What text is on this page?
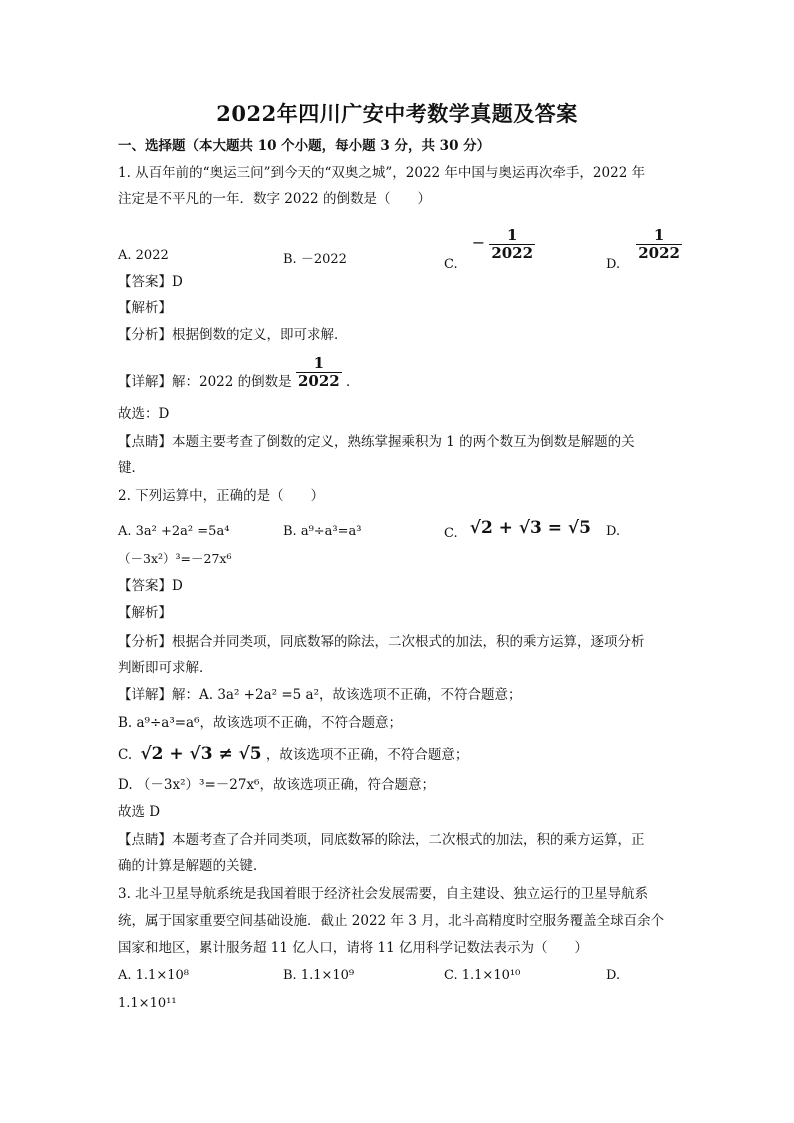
2022年四川广安中考数学真题及答案
一、选择题（本大题共 10 个小题，每小题 3 分，共 30 分）
1. 从百年前的“奥运三问”到今天的“双奥之城”，2022 年中国与奥运再次牵手，2022 年
注定是不平凡的一年．数字 2022 的倒数是（　　）
A. 2022	B. －2022	C. − $\frac{1}{2022}$
D.
$\frac{1}{2022}$
【答案】D
【解析】
【分析】根据倒数的定义，即可求解．
【详解】解：2022 的倒数是 $\frac{1}{2022}$ ．
故选：D
【点睛】本题主要考查了倒数的定义，熟练掌握乘积为 1 的两个数互为倒数是解题的关
键．
2. 下列运算中，正确的是（　　）
A. 3a² +2a² =5a⁴	B. a⁹÷a³=a³	C. √2 + √3 = √5 D.
（－3x²）³=－27x⁶
【答案】D
【解析】
【分析】根据合并同类项，同底数幂的除法，二次根式的加法，积的乘方运算，逐项分析
判断即可求解．
【详解】解：A. 3a² +2a² =5 a²，故该选项不正确，不符合题意；
B. a⁹÷a³=a⁶，故该选项不正确，不符合题意；
C. √2 + √3 ≠ √5 ，故该选项不正确，不符合题意；
D. （－3x²）³=－27x⁶，故该选项正确，符合题意；
故选 D
【点睛】本题考查了合并同类项，同底数幂的除法，二次根式的加法，积的乘方运算，正
确的计算是解题的关键．
3. 北斗卫星导航系统是我国着眼于经济社会发展需要，自主建设、独立运行的卫星导航系
统，属于国家重要空间基础设施．截止 2022 年 3 月，北斗高精度时空服务覆盖全球百余个
国家和地区，累计服务超 11 亿人口，请将 11 亿用科学记数法表示为（　　）
A. 1.1×10⁸	B. 1.1×10⁹	C. 1.1×10¹⁰	D.
1.1×10¹¹
